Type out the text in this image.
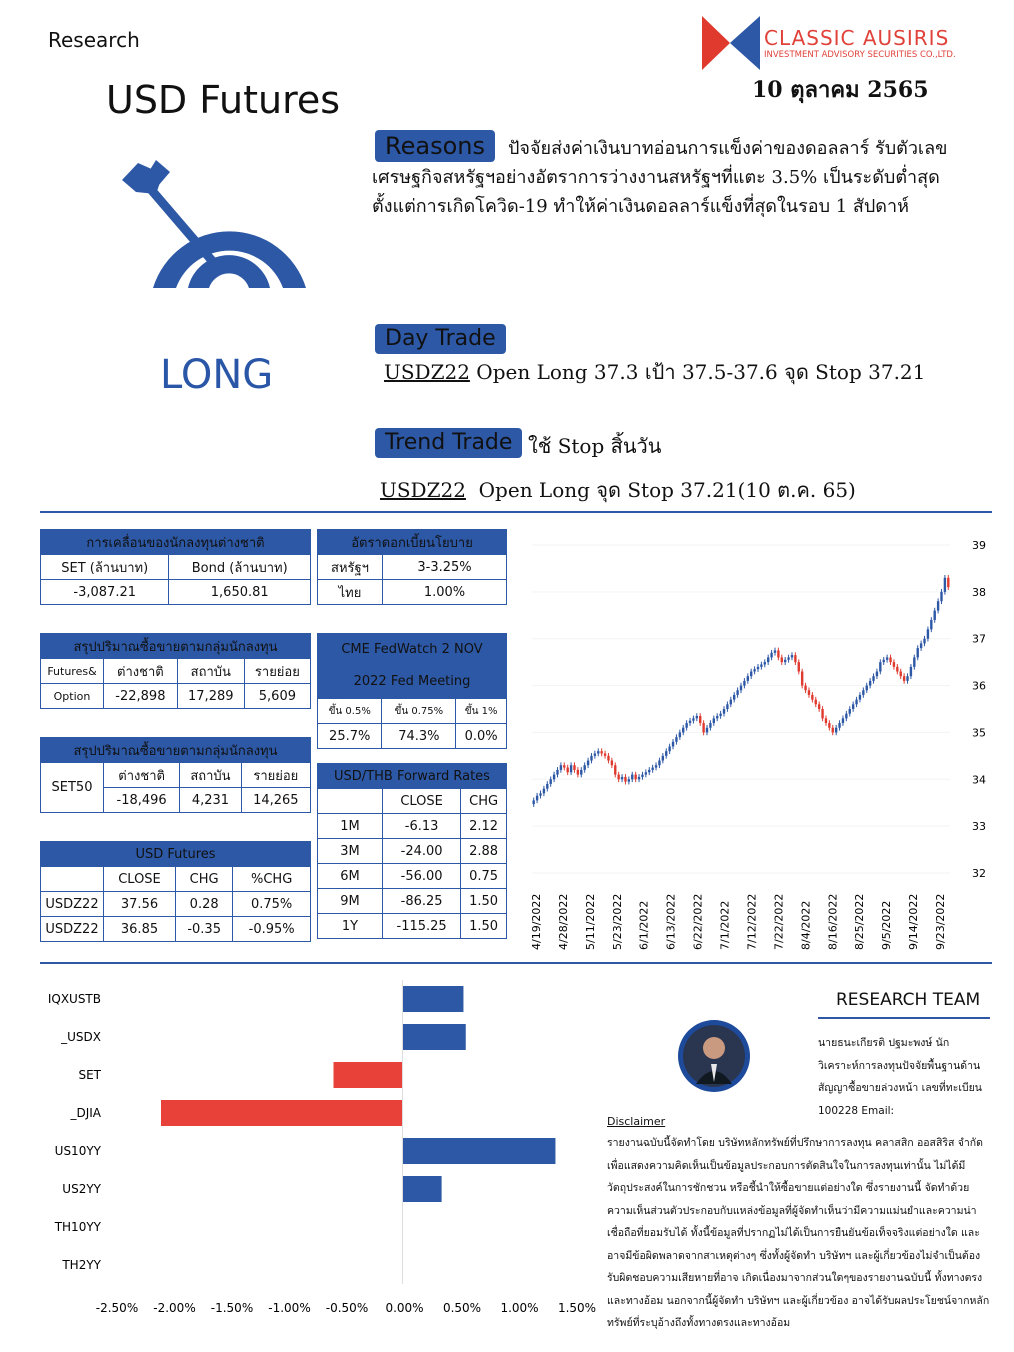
Research
USD Futures
CLASSIC AUSIRIS
INVESTMENT ADVISORY SECURITIES CO.,LTD.
10 ตุลาคม 2565
LONG
Reasons	ปัจจัยส่งค่าเงินบาทอ่อนการแข็งค่าของดอลลาร์ รับตัวเลขเศรษฐกิจสหรัฐฯอย่างอัตราการว่างงานสหรัฐฯที่แตะ 3.5% เป็นระดับต่ำสุดตั้งแต่การเกิดโควิด-19 ทำให้ค่าเงินดอลลาร์แข็งที่สุดในรอบ 1 สัปดาห์
Day Trade
USDZ22 Open Long 37.3 เป้า 37.5-37.6 จุด Stop 37.21
Trend Trade ใช้ Stop สิ้นวัน
USDZ22 Open Long จุด Stop 37.21(10 ต.ค. 65)
การเคลื่อนของนักลงทุนต่างชาติ	
SET (ล้านบาท)	Bond (ล้านบาท)
-3,087.21	1,650.81
อัตราดอกเบี้ยนโยบาย	
สหรัฐฯ	3-3.25%
ไทย	1.00%
สรุปปริมาณซื้อขายตามกลุ่มนักลงทุน			
Futures&	ต่างชาติ	สถาบัน	รายย่อย
Option	-22,898	17,289	5,609
CME FedWatch 2 NOV
2022 Fed Meeting		
ขึ้น 0.5%	ขึ้น 0.75%	ขึ้น 1%
25.7%	74.3%	0.0%
สรุปปริมาณซื้อขายตามกลุ่มนักลงทุน			
SET50	ต่างชาติ	สถาบัน	รายย่อย
	-18,496	4,231	14,265
USD/THB Forward Rates		
	CLOSE	CHG
1M	-6.13	2.12
3M	-24.00	2.88
6M	-56.00	0.75
9M	-86.25	1.50
1Y	-115.25	1.50
USD Futures			
	CLOSE	CHG	%CHG
USDZ22	37.56	0.28	0.75%
USDZ22	36.85	-0.35	-0.95%
39
38
37
36
35
34
33
32
4/19/2022 4/28/2022 5/11/2022 5/23/2022 6/1/2022 6/13/2022 6/22/2022 7/1/2022 7/12/2022 7/22/2022 8/4/2022 8/16/2022 8/25/2022 9/5/2022 9/14/2022 9/23/2022
IQXUSTB
_USDX
SET
_DJIA
US10YY
US2YY
TH10YY
TH2YY
-2.50% -2.00% -1.50% -1.00% -0.50% 0.00% 0.50% 1.00% 1.50%
RESEARCH TEAM
นายธนะเกียรติ ปฐมะพงษ์ นักวิเคราะห์การลงทุนปัจจัยพื้นฐานด้านสัญญาซื้อขายล่วงหน้า เลขที่ทะเบียน 100228 Email:
Disclaimer
รายงานฉบับนี้จัดทำโดย บริษัทหลักทรัพย์ที่ปรึกษาการลงทุน คลาสสิก ออสสิริส จำกัด เพื่อแสดงความคิดเห็นเป็นข้อมูลประกอบการตัดสินใจในการลงทุนเท่านั้น ไม่ได้มีวัตถุประสงค์ในการชักชวน หรือชี้นำให้ซื้อขายแต่อย่างใด ซึ่งรายงานนี้ จัดทำด้วยความเห็นส่วนตัวประกอบกับแหล่งข้อมูลที่ผู้จัดทำเห็นว่ามีความแม่นยำและความน่าเชื่อถือที่ยอมรับได้ ทั้งนี้ข้อมูลที่ปรากฏไม่ได้เป็นการยืนยันข้อเท็จจริงแต่อย่างใด และอาจมีข้อผิดพลาดจากสาเหตุต่างๆ ซึ่งทั้งผู้จัดทำ บริษัทฯ และผู้เกี่ยวข้องไม่จำเป็นต้องรับผิดชอบความเสียหายที่อาจ เกิดเนื่องมาจากส่วนใดๆของรายงานฉบับนี้ ทั้งทางตรงและทางอ้อม นอกจากนี้ผู้จัดทำ บริษัทฯ และผู้เกี่ยวข้อง อาจได้รับผลประโยชน์จากหลักทรัพย์ที่ระบุอ้างถึงทั้งทางตรงและทางอ้อม
